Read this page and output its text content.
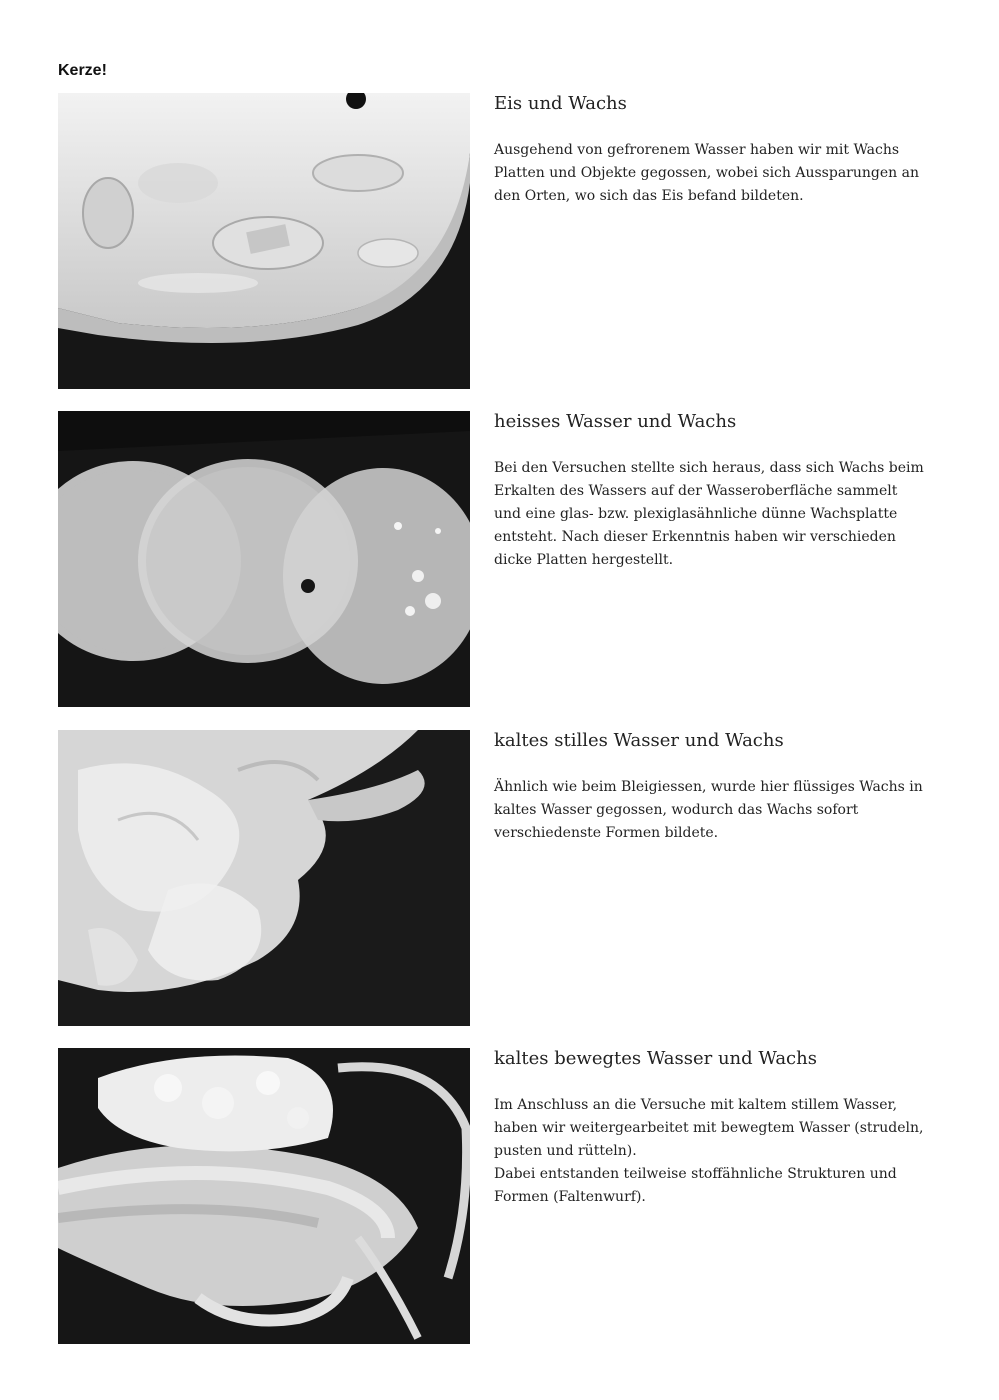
Kerze!
Eis und Wachs

Ausgehend von gefrorenem Wasser haben wir mit Wachs Platten und Objekte gegossen, wobei sich Aussparungen an den Orten, wo sich das Eis befand bildeten.

heisses Wasser und Wachs

Bei den Versuchen stellte sich heraus, dass sich Wachs beim Erkalten des Wassers auf der Wasseroberfläche sammelt und eine glas- bzw. plexiglasähnliche dünne Wachsplatte entsteht. Nach dieser Erkenntnis haben wir verschieden dicke Platten hergestellt.

kaltes stilles Wasser und Wachs

Ähnlich wie beim Bleigiessen, wurde hier flüssiges Wachs in kaltes Wasser gegossen, wodurch das Wachs sofort verschiedenste Formen bildete.

kaltes bewegtes Wasser und Wachs

Im Anschluss an die Versuche mit kaltem stillem Wasser, haben wir weitergearbeitet mit bewegtem Wasser (strudeln, pusten und rütteln).

Dabei entstanden teilweise stoffähnliche Strukturen und Formen (Faltenwurf).
